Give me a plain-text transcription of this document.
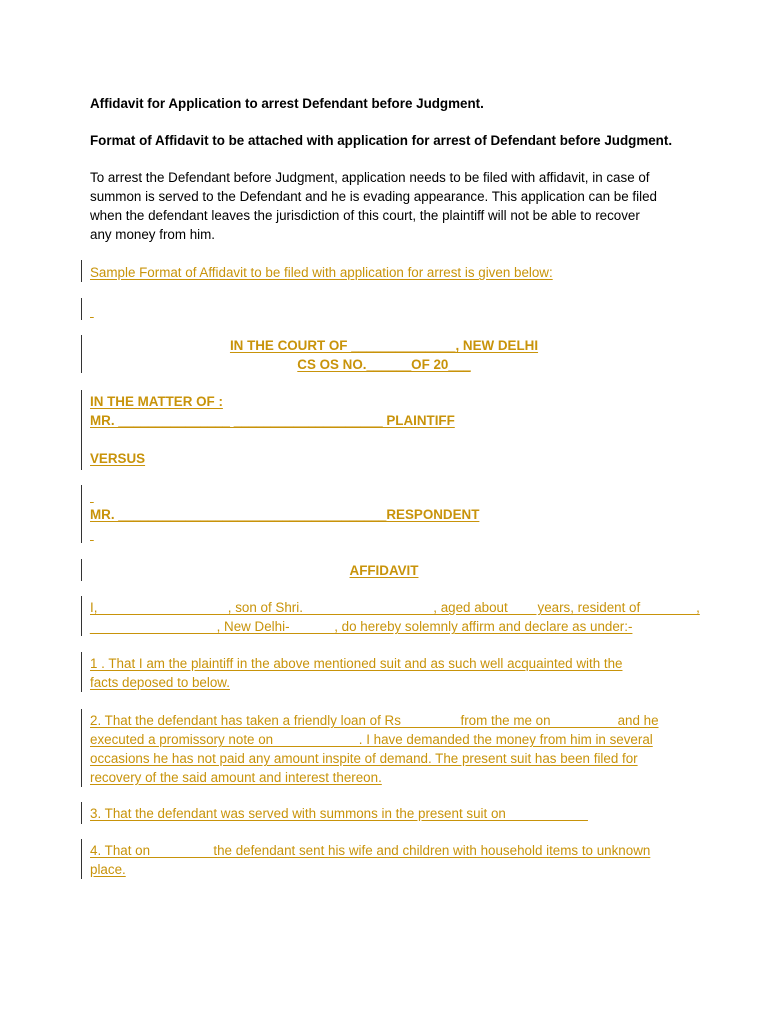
Affidavit for Application to arrest Defendant before Judgment.

Format of Affidavit to be attached with application for arrest of Defendant before Judgment.

To arrest the Defendant before Judgment, application needs to be filed with affidavit, in case of
summon is served to the Defendant and he is evading appearance. This application can be filed
when the defendant leaves the jurisdiction of this court, the plaintiff will not be able to recover
any money from him.

Sample Format of Affidavit to be filed with application for arrest is given below:

IN THE COURT OF ______________, NEW DELHI
CS OS NO.______OF 20___
IN THE MATTER OF :
MR. _______________ ____________________ PLAINTIFF

VERSUS

MR. ____________________________________RESPONDENT

AFFIDAVIT

I, _________________, son of Shri. _________________, aged about ___ years, resident of _______,
_________________, New Delhi-______, do hereby solemnly affirm and declare as under:-
1 . That I am the plaintiff in the above mentioned suit and as such well acquainted with the
facts deposed to below.
2. That the defendant has taken a friendly loan of Rs _______ from the me on ________ and he
executed a promissory note on ___________. I have demanded the money from him in several
occasions he has not paid any amount inspite of demand. The present suit has been filed for
recovery of the said amount and interest thereon.

3. That the defendant was served with summons in the present suit on___________

4. That on ________the defendant sent his wife and children with household items to unknown
place.
